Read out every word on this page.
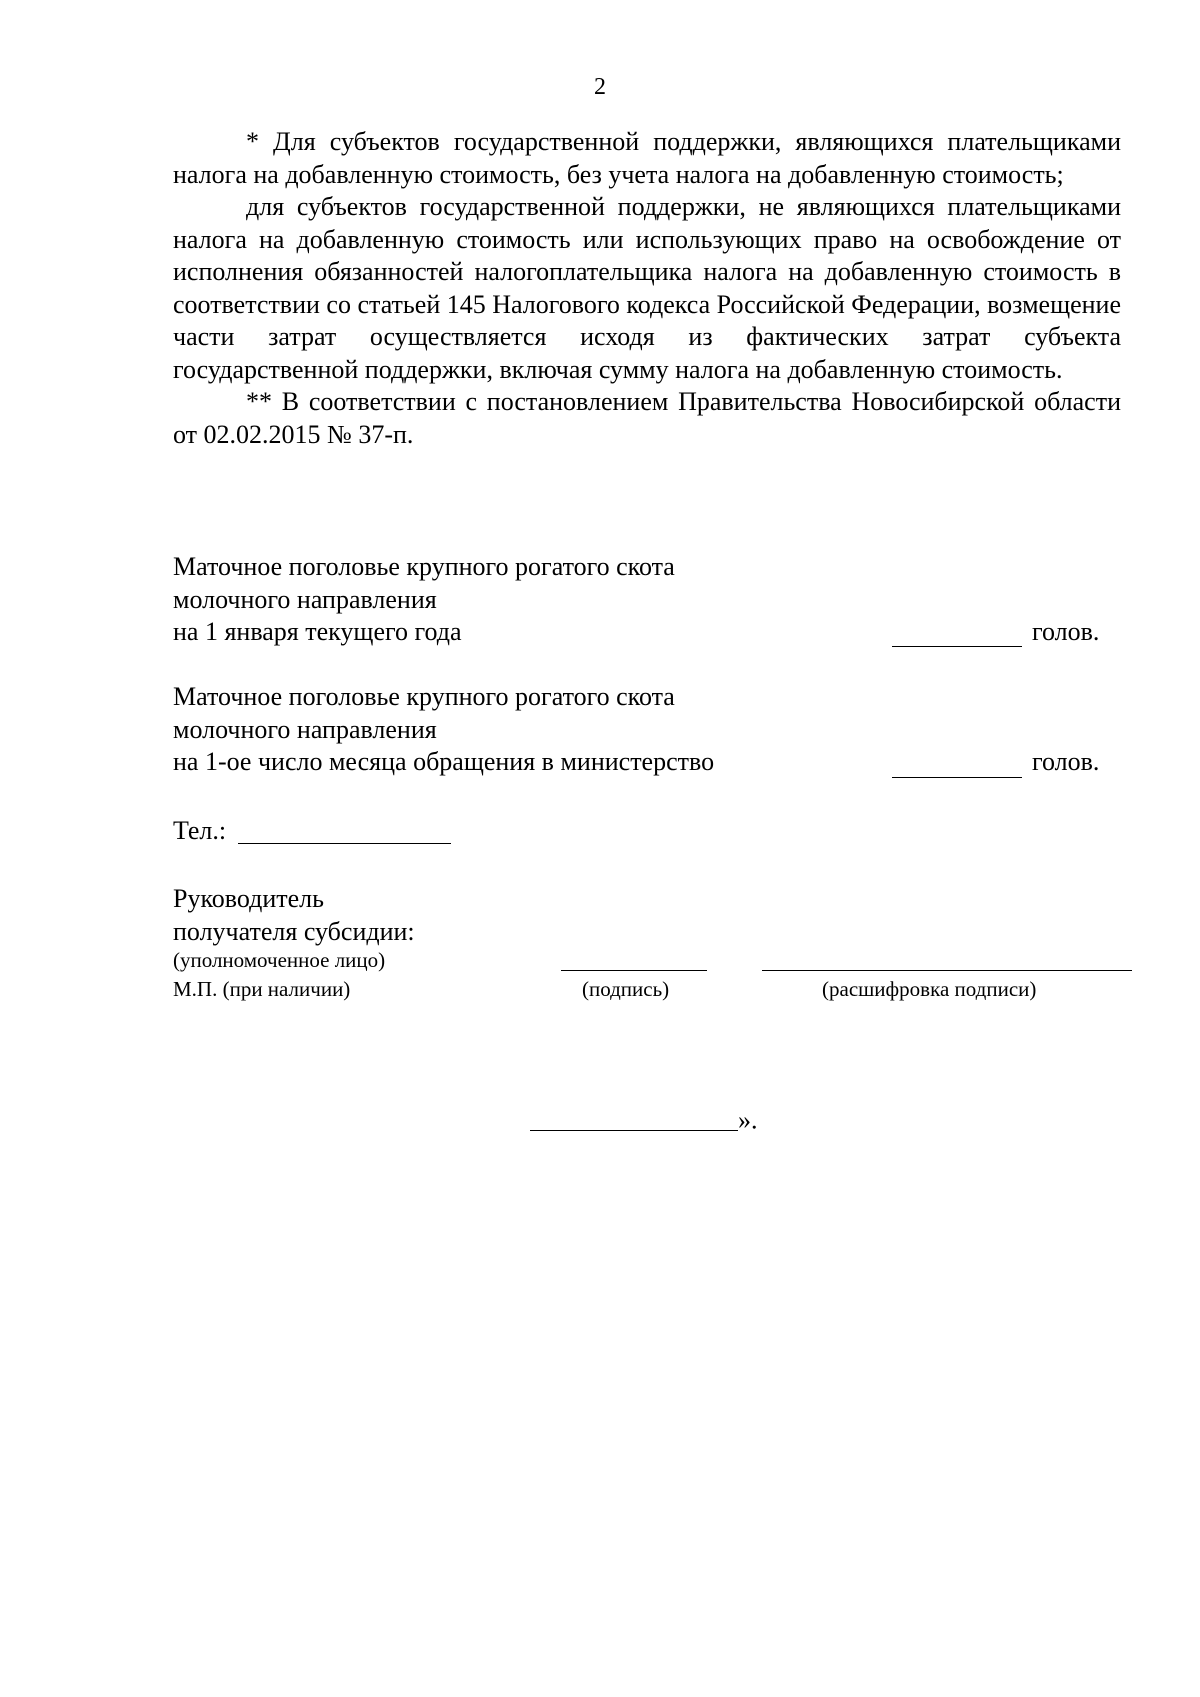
2

* Для субъектов государственной поддержки, являющихся плательщиками налога на добавленную стоимость, без учета налога на добавленную стоимость;

для субъектов государственной поддержки, не являющихся плательщиками налога на добавленную стоимость или использующих право на освобождение от исполнения обязанностей налогоплательщика налога на добавленную стоимость в соответствии со статьей 145 Налогового кодекса Российской Федерации, возмещение части затрат осуществляется исходя из фактических затрат субъекта государственной поддержки, включая сумму налога на добавленную стоимость.

** В соответствии с постановлением Правительства Новосибирской области от 02.02.2015 № 37-п.

Маточное поголовье крупного рогатого скота
молочного направления
на 1 января текущего года	голов.
Маточное поголовье крупного рогатого скота
молочного направления
на 1-ое число месяца обращения в министерство	голов.
Тел.:
Руководитель
получателя субсидии:
(уполномоченное лицо)
М.П. (при наличии)	(подпись)	(расшифровка подписи)
».
